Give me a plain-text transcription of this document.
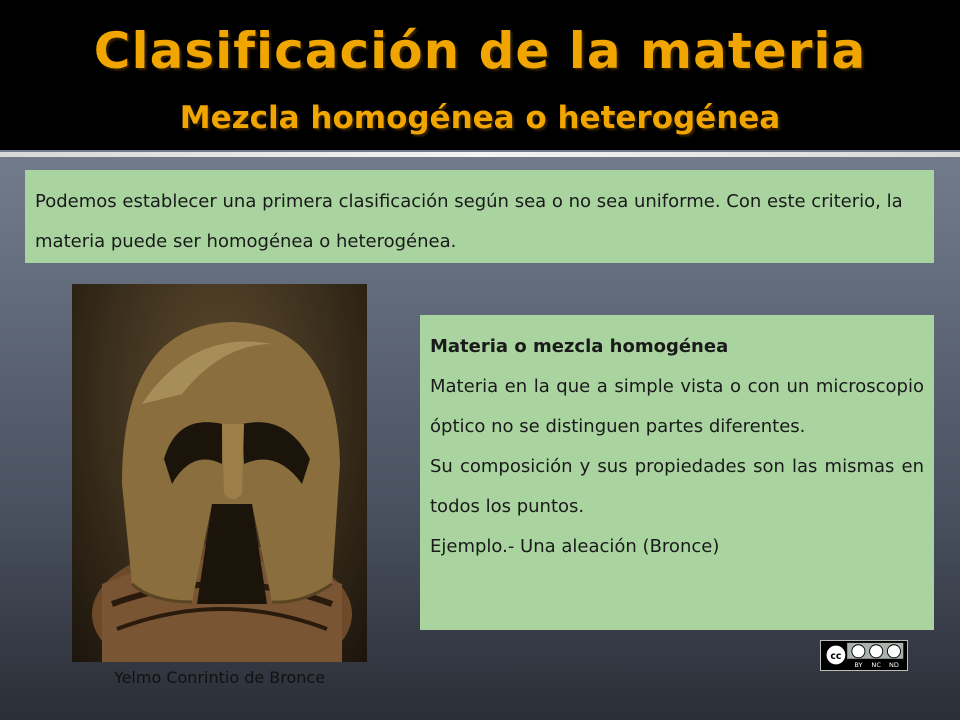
Clasificación de la materia
Mezcla homogénea o heterogénea
Podemos establecer una primera clasificación según sea o no sea uniforme. Con este criterio, la materia puede ser homogénea o heterogénea.
Yelmo Conrintio de Bronce

Materia o mezcla homogénea

Materia en la que a simple vista o con un microscopio óptico no se distinguen partes diferentes.

Su composición y sus propiedades son las mismas en todos los puntos.

Ejemplo.- Una aleación (Bronce)

cc
BY NC ND
